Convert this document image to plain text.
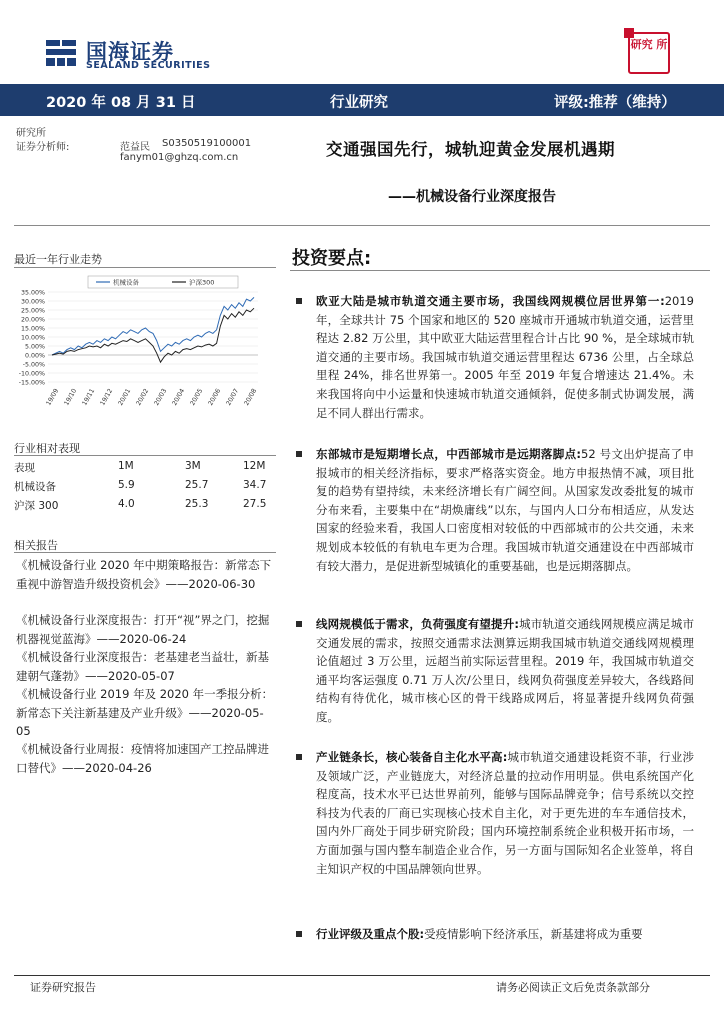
国海证券
SEALAND SECURITIES
研究 所
2020 年 08 月 31 日	行业研究	评级:推荐（维持）
研究所
证券分析师:	范益民 S0350519100001
fanym01@ghzq.com.cn	交通强国先行，城轨迎黄金发展机遇期
——机械设备行业深度报告
最近一年行业走势
35.00%
30.00%
25.00%
20.00%
15.00%
10.00%
5.00%
0.00%
-5.00%
-10.00%
-15.00%
19/09 19/10 19/11 19/12 20/01 20/02 20/03 20/04 20/05 20/06 20/07 20/08
机械设备	沪深300
行业相对表现
表现	1M	3M	12M
机械设备	5.9	25.7	34.7
沪深 300	4.0	25.3	27.5
相关报告
《机械设备行业 2020 年中期策略报告：新常态下重视中游智造升级投资机会》——2020-06-30
《机械设备行业深度报告：打开“视”界之门，挖掘机器视觉蓝海》——2020-06-24
《机械设备行业深度报告：老基建老当益壮，新基建朝气蓬勃》——2020-05-07
《机械设备行业 2019 年及 2020 年一季报分析：新常态下关注新基建及产业升级》——2020-05-05
《机械设备行业周报：疫情将加速国产工控品牌进口替代》——2020-04-26
投资要点:
欧亚大陆是城市轨道交通主要市场，我国线网规模位居世界第一:2019 年，全球共计 75 个国家和地区的 520 座城市开通城市轨道交通，运营里程达 2.82 万公里，其中欧亚大陆运营里程合计占比 90 %，是全球城市轨道交通的主要市场。我国城市轨道交通运营里程达 6736 公里，占全球总里程 24%，排名世界第一。2005 年至 2019 年复合增速达 21.4%。未来我国将向中小运量和快速城市轨道交通倾斜，促使多制式协调发展，满足不同人群出行需求。
东部城市是短期增长点，中西部城市是远期落脚点:52 号文出炉提高了申报城市的相关经济指标，要求严格落实资金。地方申报热情不减，项目批复的趋势有望持续，未来经济增长有广阔空间。从国家发改委批复的城市分布来看，主要集中在“胡焕庸线”以东，与国内人口分布相适应，从发达国家的经验来看，我国人口密度相对较低的中西部城市的公共交通，未来规划成本较低的有轨电车更为合理。我国城市轨道交通建设在中西部城市有较大潜力，是促进新型城镇化的重要基础，也是远期落脚点。
线网规模低于需求，负荷强度有望提升:城市轨道交通线网规模应满足城市交通发展的需求，按照交通需求法测算远期我国城市轨道交通线网规模理论值超过 3 万公里，远超当前实际运营里程。2019 年，我国城市轨道交通平均客运强度 0.71 万人次/公里日，线网负荷强度差异较大，各线路间结构有待优化，城市核心区的骨干线路成网后，将显著提升线网负荷强度。
产业链条长，核心装备自主化水平高:城市轨道交通建设耗资不菲，行业涉及领域广泛，产业链庞大，对经济总量的拉动作用明显。供电系统国产化程度高，技术水平已达世界前列，能够与国际品牌竞争；信号系统以交控科技为代表的厂商已实现核心技术自主化，对于更先进的车车通信技术，国内外厂商处于同步研究阶段；国内环境控制系统企业积极开拓市场，一方面加强与国内整车制造企业合作，另一方面与国际知名企业签单，将自主知识产权的中国品牌领向世界。
行业评级及重点个股:受疫情影响下经济承压，新基建将成为重要
证券研究报告	请务必阅读正文后免责条款部分
